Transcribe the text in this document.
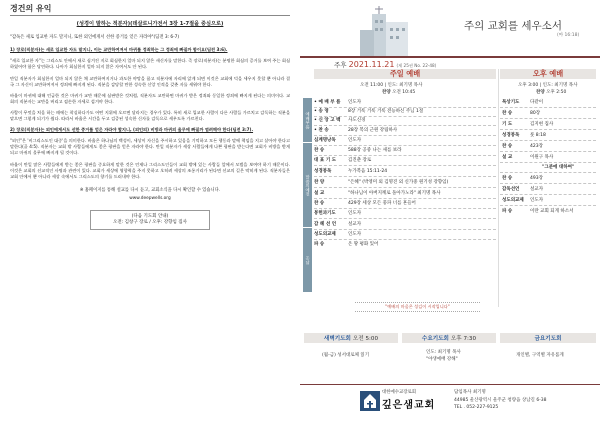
경건의 유익
(성경이 말하는 적분자)(데살로니가전서 3장 1-7절을 중심으로)
"감독은 새로 입교한 자도 말지니, 또한 외인에게서 선한 증거를 얻은 자라야"(딤전 3: 6-7)

1) 장로(직분자)는 새로 입교한 자도 말지니, 이는 교만하여져서 마귀를 정죄하는 그 정죄에 빠질까 함이요(딤전 3:6).

"새로 입교한 자"는 그리스도 안에서 새로 심겨진 지로 회심한지 얼마 되지 않은 새신자를 말한다. 즉 장로(직분자)는 분명한 회심의 증거를 보여 주는 회심하였어야 함은 당연하다. 나아가 회심한지 얼마 되지 않은 자여서도 안 된다.

만일 직분자가 회심한지 얼마 되지 않은 채 교만하여지거나 과도한 야망을 품고 직분자에 자리에 앉게 되면 이것은 교회에 덕을 세우지 못할 뿐 아니라 결국 그 자신이 교만하여져서 정죄에 빠지게 된다. 직분을 감당할 만한 성숙한 신앙 인격을 갖춘 자를 세워야 한다.

바울이 마귀에 대해 언급한 것은 마귀가 교만 때문에 심판받은 것처럼, 직분자도 교만하면 마귀가 받은 정죄와 동일한 정죄에 빠지게 된다는 의미이다. 교회의 직분자는 교만을 버리고 겸손한 자세로 섬겨야 한다.

사람이 무엇을 처음 하는 때에는 착실하다가도 어떤 지위에 오르면 달라지는 경우가 있다. 특히 새로 입교한 사람이 다른 사람들 가르치고 감독하는 직분을 맡으면 그렇게 되기가 쉽다. 따라서 바울은 시간을 두고 검증된 성숙한 신자를 감독으로 세우도록 가르친다.

2) 장로(직분자)는 외인에게서도 선한 증거를 얻은 자라야 할지니, (외인의) 비방과 마귀의 올무에 빠질까 염려해야 한다(딤전 3:7).

"외인"은 '비그리스도인 대중'을 의미한다. 바울은 하나님의 백성이, 세상이 자신을 주시하고 있음을 기억하고 모든 행동과 말에 책임을 지고 살아야 한다고 말한다(골 4:5). 직분자는 교회 밖 사람들에게도 좋은 평판을 얻은 자라야 한다. 만일 직분자가 세상 사람들에게 나쁜 평판을 받는다면 교회가 비방을 받게 되고 마귀의 올무에 빠지게 될 것이다.

바울이 만일 많은 사람들에게 받는 좋은 평판을 중요하게 말한 것은 언제나 그리스도인들이 교회 밖에 있는 사람들 앞에서 모범을 보여야 하기 때문이다. 이것은 교회의 선교적인 사명과 관련이 있다. 교회가 세상에 영향력을 주지 못하고 오히려 세상의 조롱거리가 된다면 선교의 길은 막히게 된다. 직분자들은 교회 안에서 뿐 아니라 세상 속에서도 그리스도의 향기를 드러내야 한다.

※ 홈페이지를 통해 설교를 다시 듣고, 교회소식을 다시 확인할 수 있습니다.
www.deepwells.org
(다음 기도회 안내)
오전: 김창구 장로 / 오후: 강향임 집사
주의 교회를 세우소서
(마 16:18)
주후 2021.11.21 (제 25권 No. 22-48)
주일 예배	오후 예배
오전 11:00 | 인도: 최기명 목사
찬양 오전 10:45
오후 3:00 | 인도: 최기명 목사
찬양 오후 2:50
예배부름
말씀의예전
응답
• 예 배 부 름	인도자
• 송 영	8장 거룩 거룩 거룩 전능하신 주님 1절
• 신 앙 고 백	사도신경
• 찬 송	28장 복의 근원 강림하사
십계명낭독	인도자
찬 송	588장 공중 나는 새를 보라
대 표 기 도	김진춘 장로
성경봉독	누가복음 15:11-24
찬 양	"은혜" (박영미 외 김명진 외 신가중 원기성 강향임)
설 교	"하나님이 아버지께로 돌아가노라" 최기명 목사
찬 송	429장 세상 모든 풍파 너를 흔들어
봉헌과기도	인도자
감 헤 선 언	설교자
성도의교제	인도자
파 송	온 땅 평화 있어
묵상기도	다같이
찬 송	80장
기 도	김지현 집사
성경봉독	룻 8:18
찬 송	423장
설 교	이원구 목사
"그분에 대하여"
찬 송	493장
감독선언	설교자
성도의교제	인도자
파 송	이란 교회 되게 하소서
"예배의 마음은 성김이 시작입니다"
새벽기도회
오전 5:00	수요기도회
오후 7:30	금요기도회
(월-금) 성서대로체 읽기
인도: 최기명 목사
"야생예배 강해"
개인별, 구역별 자유롭게
대한예수교장로회
깊은샘교회
담임목사 최기명
44985 울산광역시 울주군 청량읍 상남길 6-38
TEL . 052-227-9125
